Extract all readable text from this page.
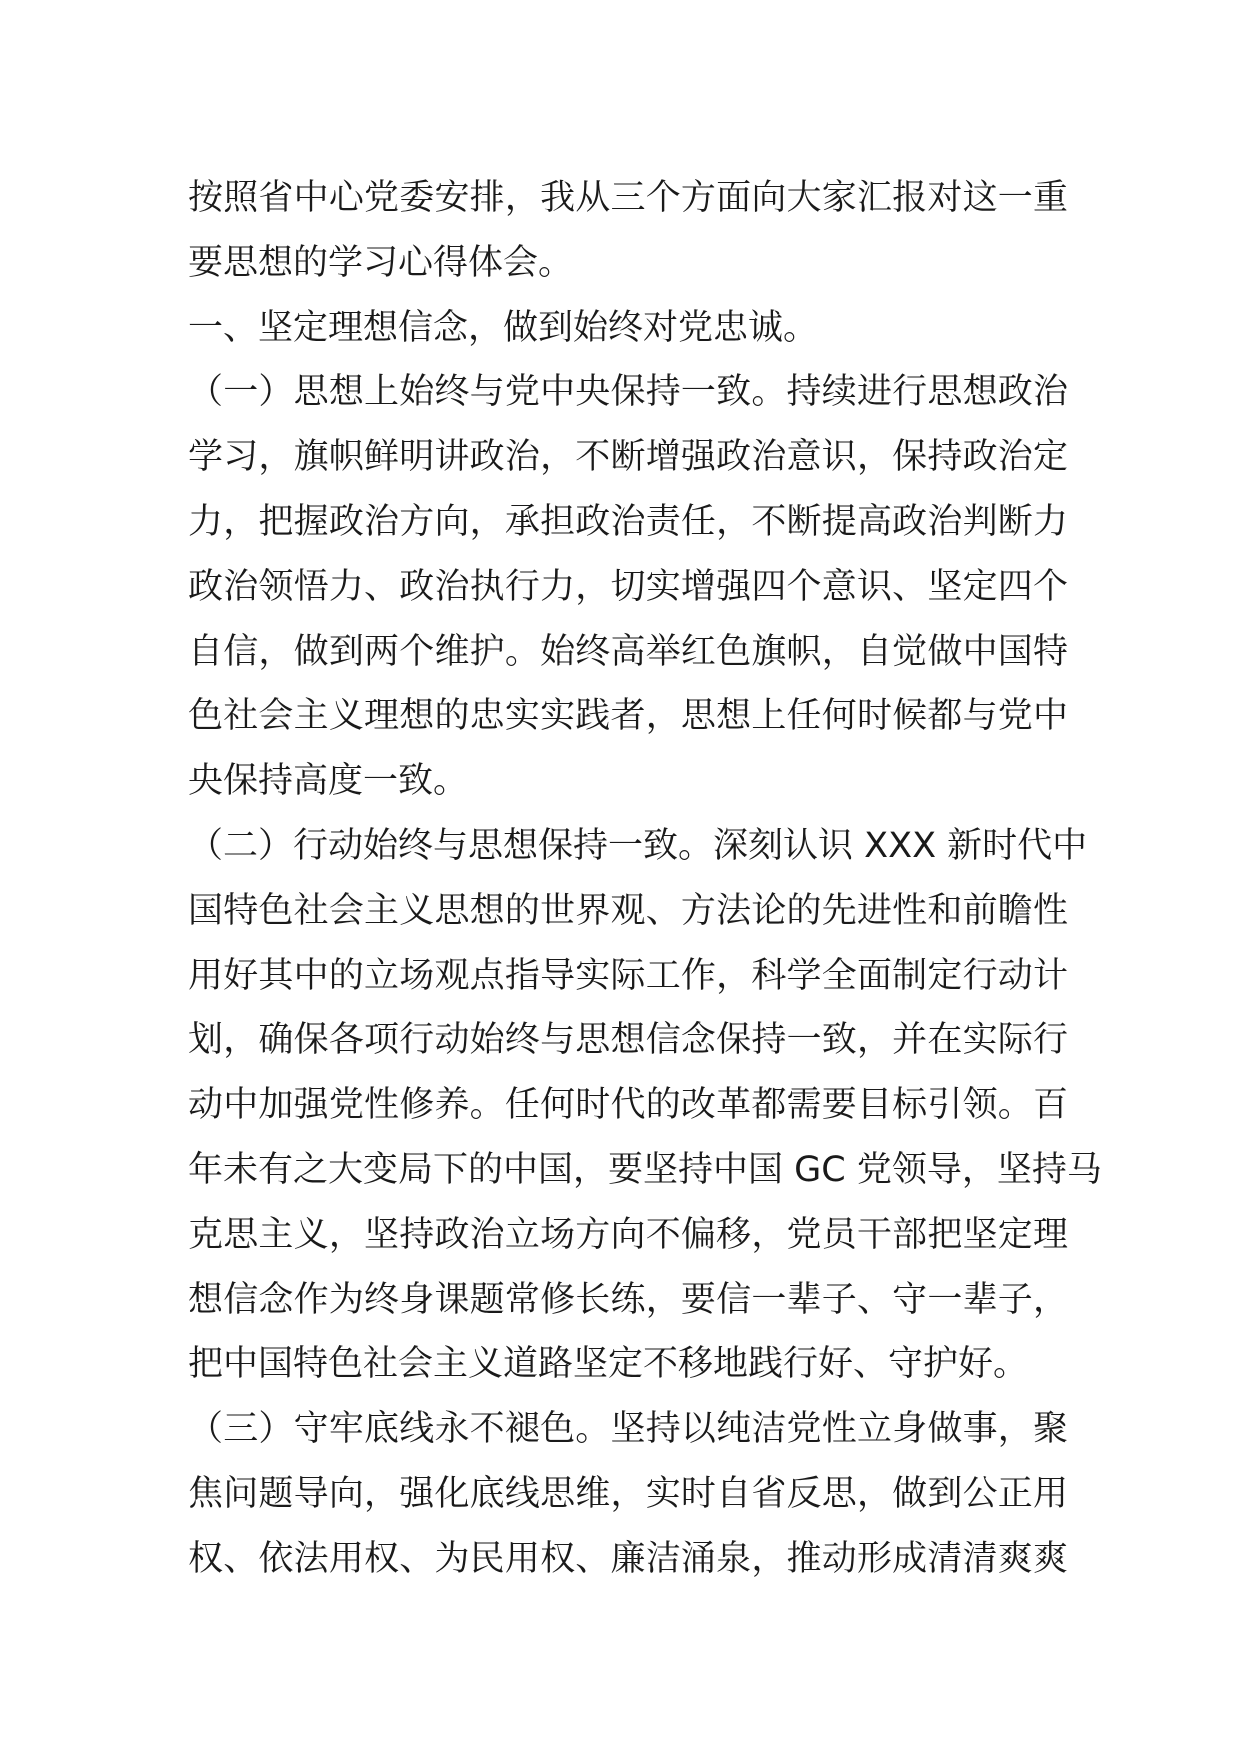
按照省中心党委安排，我从三个方面向大家汇报对这一重
要思想的学习心得体会。
一、坚定理想信念，做到始终对党忠诚。
（一）思想上始终与党中央保持一致。持续进行思想政治
学习，旗帜鲜明讲政治，不断增强政治意识，保持政治定
力，把握政治方向，承担政治责任，不断提高政治判断力
政治领悟力、政治执行力，切实增强四个意识、坚定四个
自信，做到两个维护。始终高举红色旗帜，自觉做中国特
色社会主义理想的忠实实践者，思想上任何时候都与党中
央保持高度一致。
（二）行动始终与思想保持一致。深刻认识 XXX 新时代中
国特色社会主义思想的世界观、方法论的先进性和前瞻性
用好其中的立场观点指导实际工作，科学全面制定行动计
划，确保各项行动始终与思想信念保持一致，并在实际行
动中加强党性修养。任何时代的改革都需要目标引领。百
年未有之大变局下的中国，要坚持中国 GC 党领导，坚持马
克思主义，坚持政治立场方向不偏移，党员干部把坚定理
想信念作为终身课题常修长练，要信一辈子、守一辈子，
把中国特色社会主义道路坚定不移地践行好、守护好。
（三）守牢底线永不褪色。坚持以纯洁党性立身做事，聚
焦问题导向，强化底线思维，实时自省反思，做到公正用
权、依法用权、为民用权、廉洁涌泉，推动形成清清爽爽
